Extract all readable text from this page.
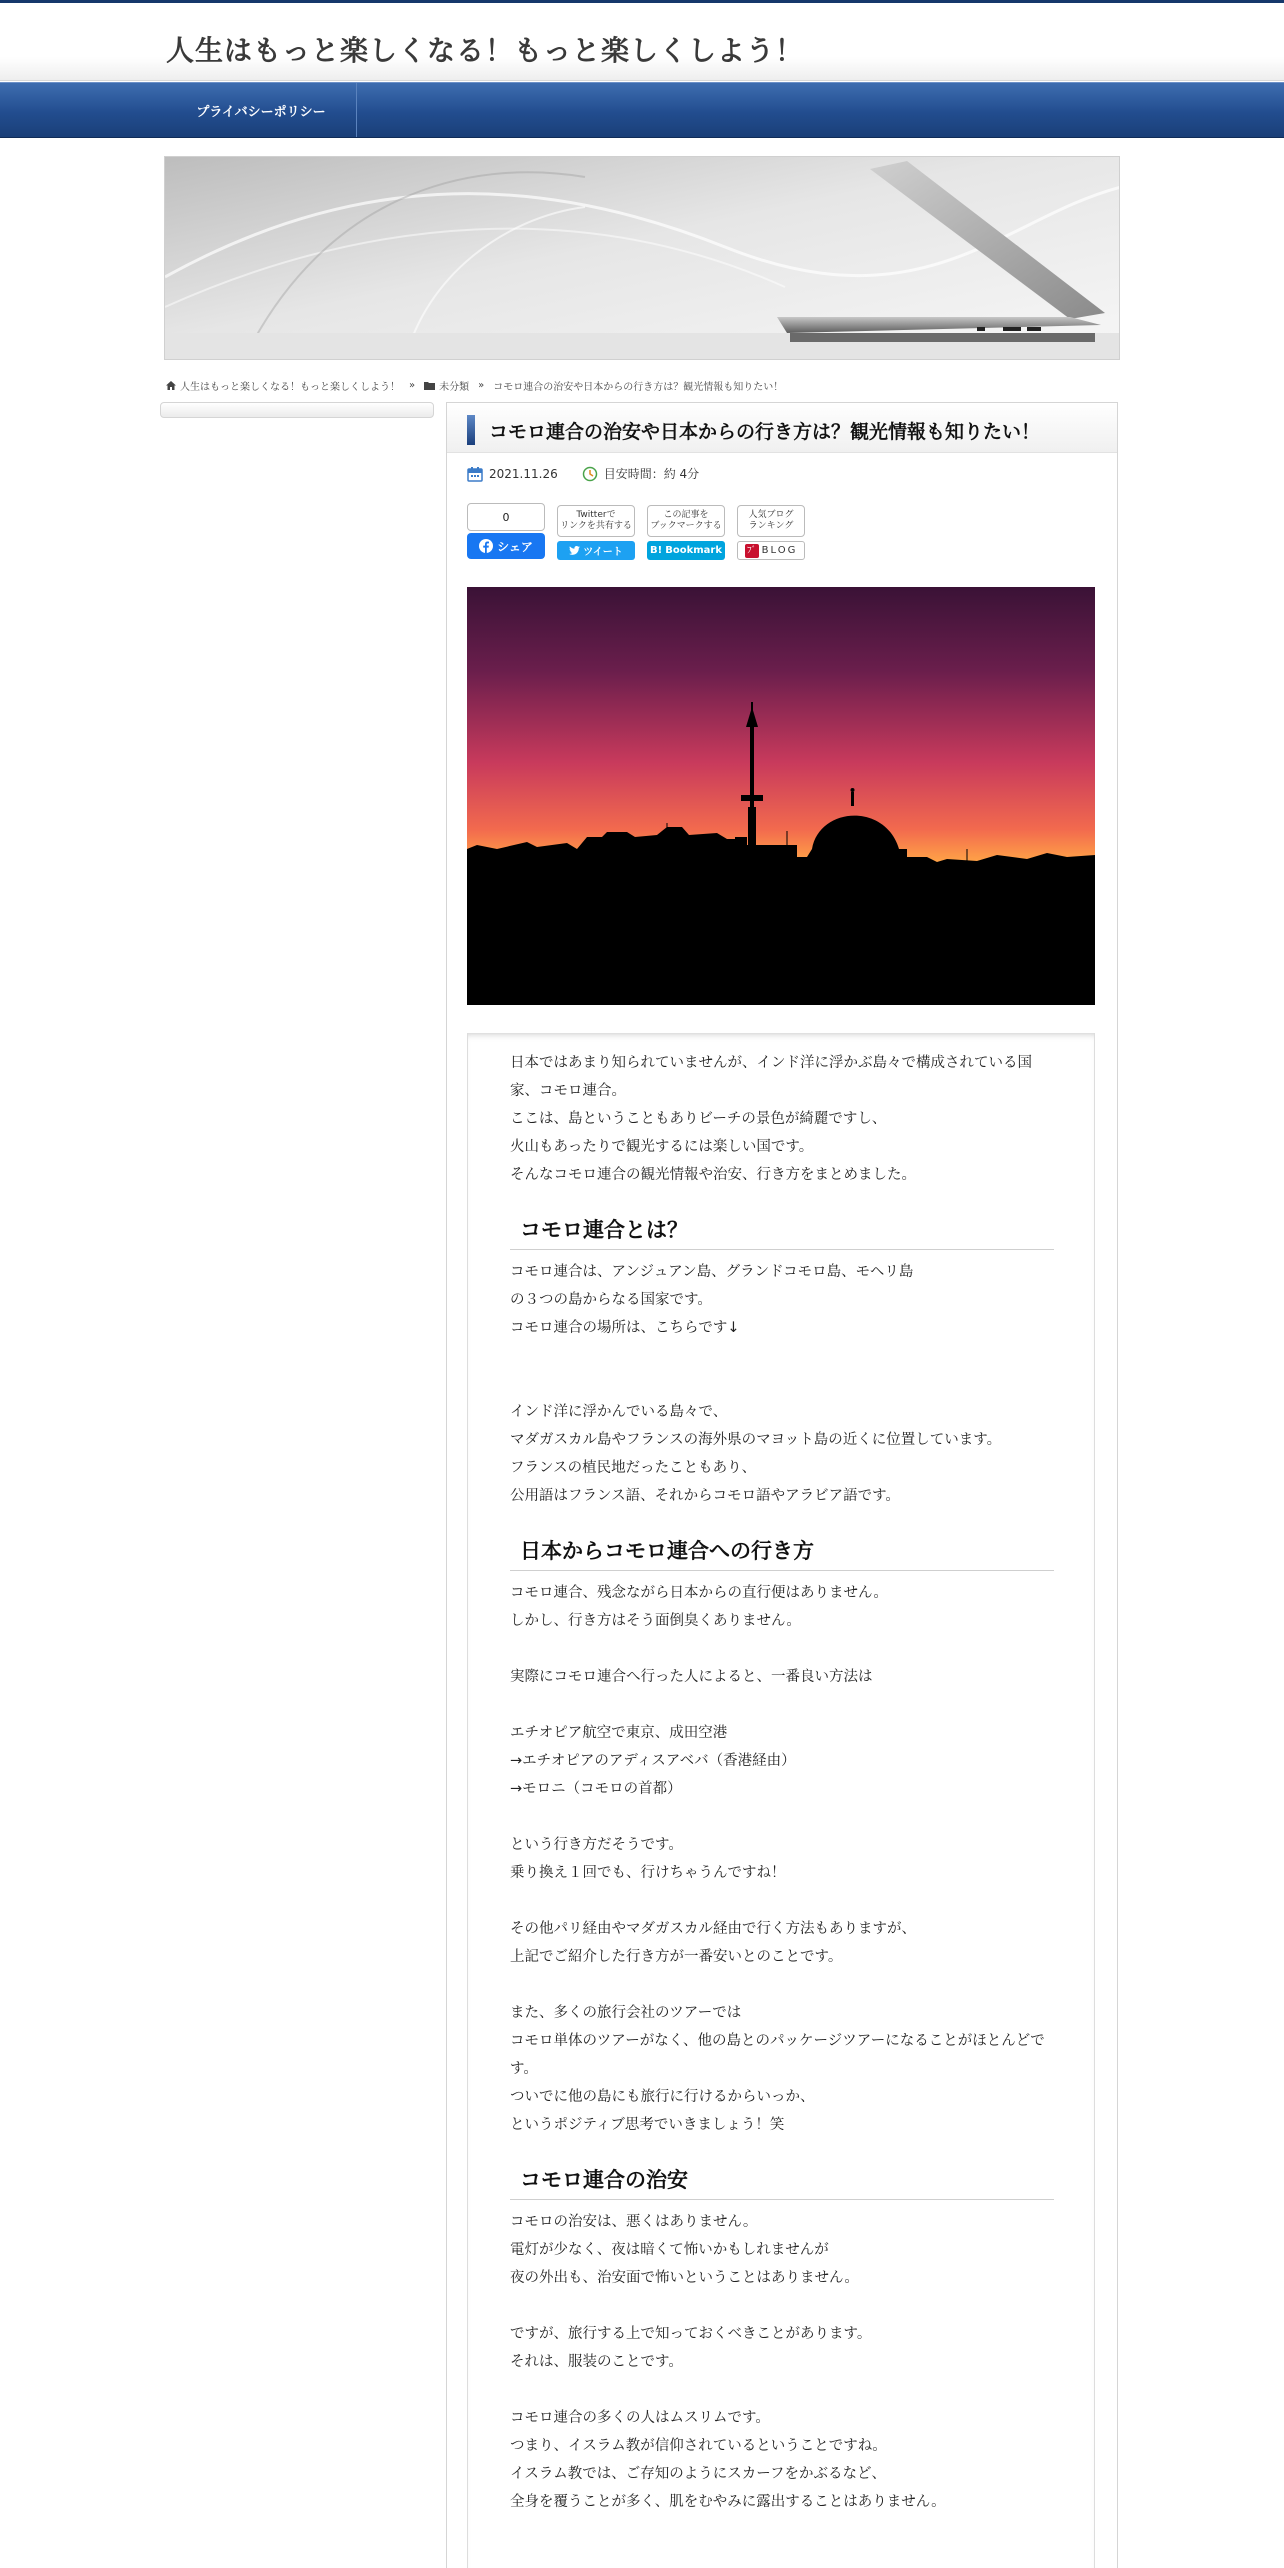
人生はもっと楽しくなる！もっと楽しくしよう！
プライバシーポリシー
人生はもっと楽しくなる！もっと楽しくしよう！ » 未分類 » コモロ連合の治安や日本からの行き方は？観光情報も知りたい！
コモロ連合の治安や日本からの行き方は？観光情報も知りたい！
2021.11.26	目安時間：約 4分
0
シェア
Twitterで
リンクを共有する
ツイート
この記事を
ブックマークする
B! Bookmark
人気ブログ
ランキング
ﾌﾞ BLOG

日本ではあまり知られていませんが、インド洋に浮かぶ島々で構成されている国家、コモロ連合。

ここは、島ということもありビーチの景色が綺麗ですし、

火山もあったりで観光するには楽しい国です。

そんなコモロ連合の観光情報や治安、行き方をまとめました。

コモロ連合とは？

コモロ連合は、アンジュアン島、グランドコモロ島、モヘリ島

の３つの島からなる国家です。

コモロ連合の場所は、こちらです↓

インド洋に浮かんでいる島々で、

マダガスカル島やフランスの海外県のマヨット島の近くに位置しています。

フランスの植民地だったこともあり、

公用語はフランス語、それからコモロ語やアラビア語です。

日本からコモロ連合への行き方

コモロ連合、残念ながら日本からの直行便はありません。

しかし、行き方はそう面倒臭くありません。

実際にコモロ連合へ行った人によると、一番良い方法は

エチオピア航空で東京、成田空港

→エチオピアのアディスアベバ（香港経由）

→モロニ（コモロの首都）

という行き方だそうです。

乗り換え１回でも、行けちゃうんですね！

その他パリ経由やマダガスカル経由で行く方法もありますが、

上記でご紹介した行き方が一番安いとのことです。

また、多くの旅行会社のツアーでは

コモロ単体のツアーがなく、他の島とのパッケージツアーになることがほとんどです。

ついでに他の島にも旅行に行けるからいっか、

というポジティブ思考でいきましょう！笑

コモロ連合の治安

コモロの治安は、悪くはありません。

電灯が少なく、夜は暗くて怖いかもしれませんが

夜の外出も、治安面で怖いということはありません。

ですが、旅行する上で知っておくべきことがあります。

それは、服装のことです。

コモロ連合の多くの人はムスリムです。

つまり、イスラム教が信仰されているということですね。

イスラム教では、ご存知のようにスカーフをかぶるなど、

全身を覆うことが多く、肌をむやみに露出することはありません。
